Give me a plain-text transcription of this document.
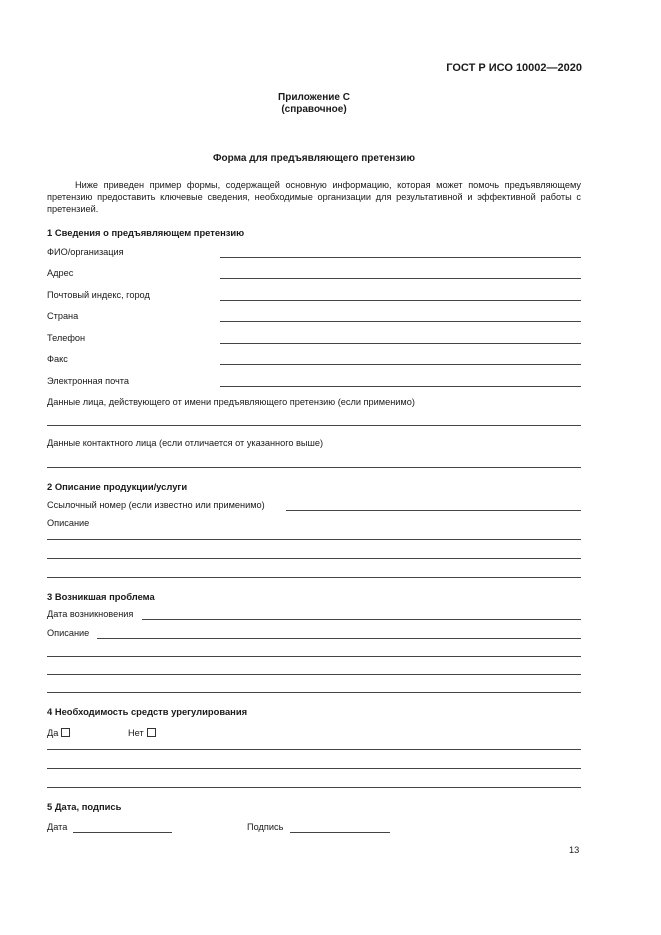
ГОСТ Р ИСО 10002—2020
Приложение С
(справочное)
Форма для предъявляющего претензию
Ниже приведен пример формы, содержащей основную информацию, которая может помочь предъявляющему претензию предоставить ключевые сведения, необходимые организации для результативной и эффективной работы с претензией.
1 Сведения о предъявляющем претензию
ФИО/организация
Адрес
Почтовый индекс, город
Страна
Телефон
Факс
Электронная почта
Данные лица, действующего от имени предъявляющего претензию (если применимо)
Данные контактного лица (если отличается от указанного выше)
2 Описание продукции/услуги
Ссылочный номер (если известно или применимо)
Описание
3 Возникшая проблема
Дата возникновения
Описание
4 Необходимость средств урегулирования
Да	Нет
5 Дата, подпись
Дата	Подпись
13
